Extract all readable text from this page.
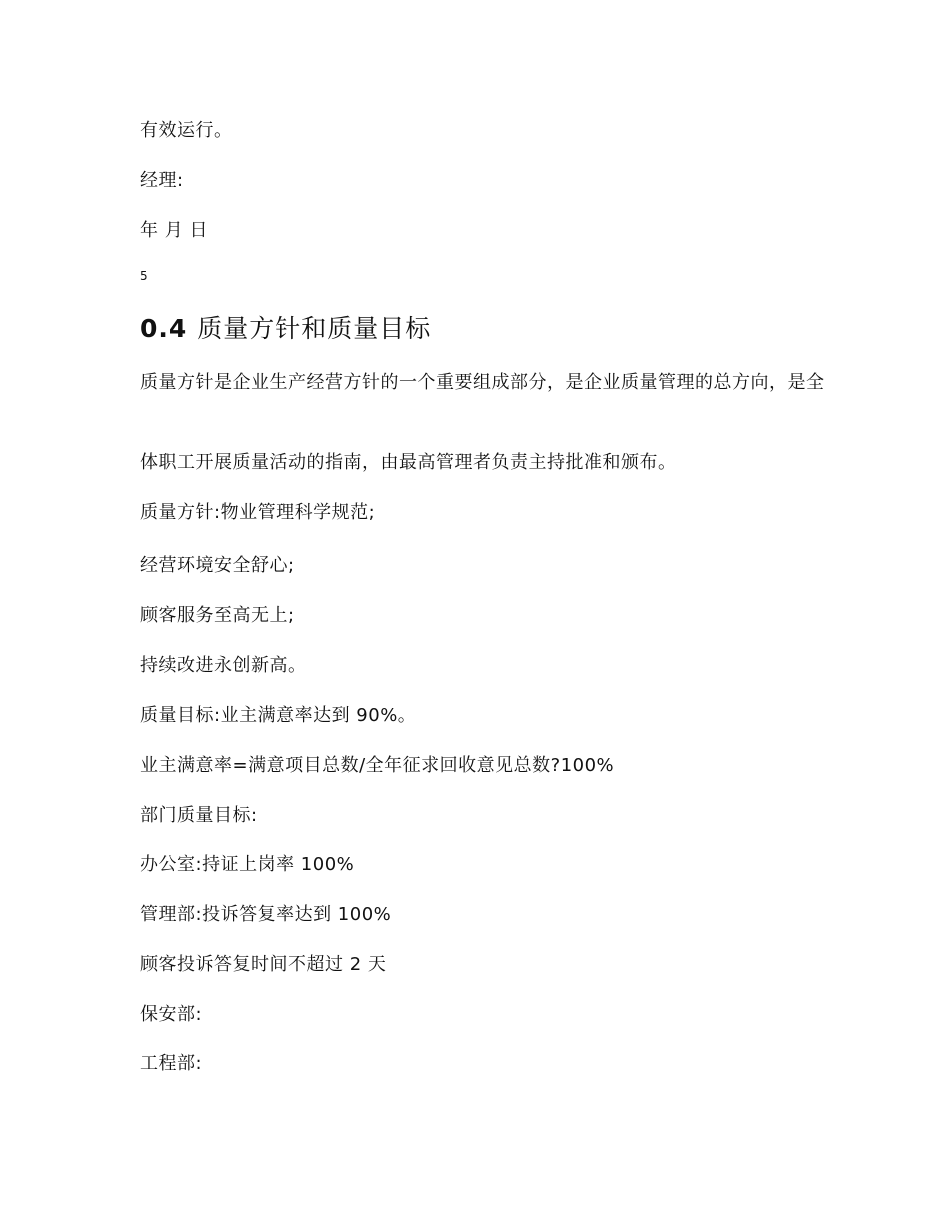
有效运行。
经理:
年 月 日
5
0.4 质量方针和质量目标
质量方针是企业生产经营方针的一个重要组成部分，是企业质量管理的总方向，是全
体职工开展质量活动的指南，由最高管理者负责主持批准和颁布。
质量方针:物业管理科学规范;
经营环境安全舒心;
顾客服务至高无上;
持续改进永创新高。
质量目标:业主满意率达到 90%。
业主满意率=满意项目总数/全年征求回收意见总数?100%
部门质量目标:
办公室:持证上岗率 100%
管理部:投诉答复率达到 100%
顾客投诉答复时间不超过 2 天
保安部:
工程部:
